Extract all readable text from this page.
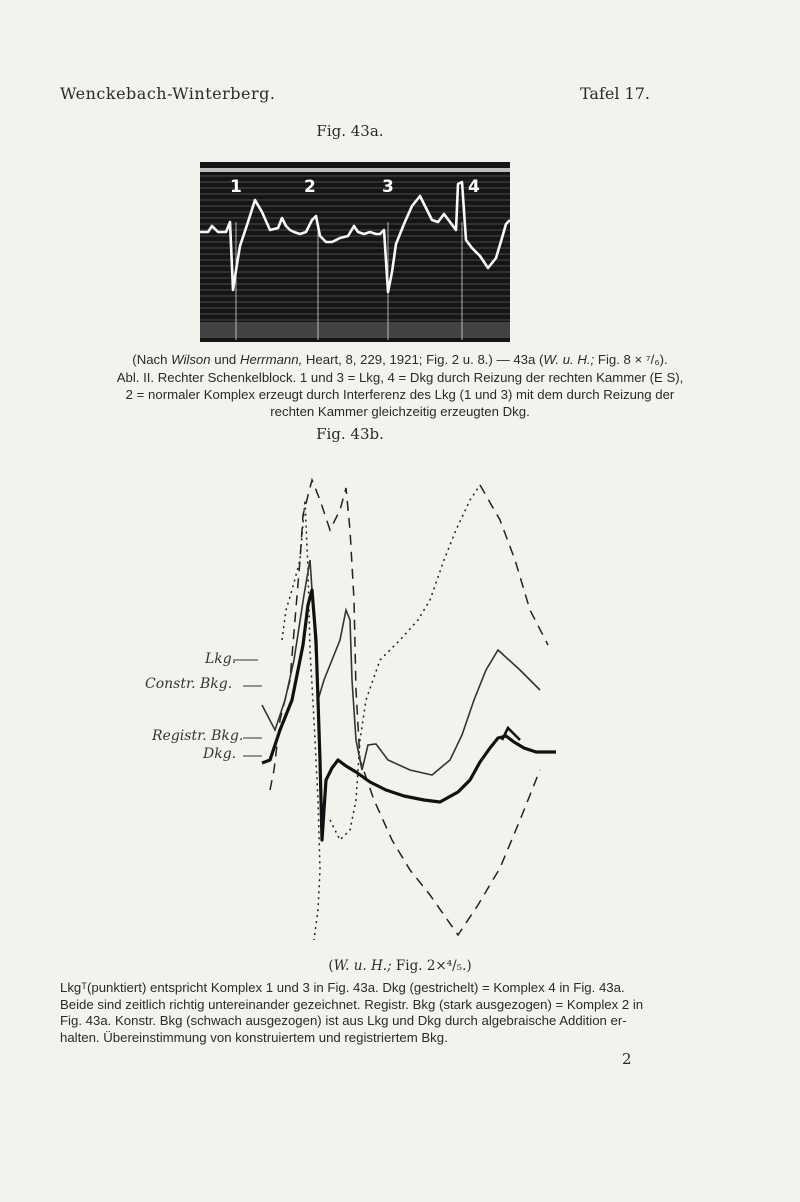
Wenckebach-Winterberg.	Tafel 17.
Fig. 43a.
1	2	3	4
(Nach Wilson und Herrmann, Heart, 8, 229, 1921; Fig. 2 u. 8.) — 43a (W. u. H.; Fig. 8 × ⁷/₆).
Abl. II. Rechter Schenkelblock. 1 und 3 = Lkg, 4 = Dkg durch Reizung der rechten Kammer (E S),
2 = normaler Komplex erzeugt durch Interferenz des Lkg (1 und 3) mit dem durch Reizung der
rechten Kammer gleichzeitig erzeugten Dkg.
Fig. 43b.
Lkg.
Constr. Bkg.
Registr. Bkg.
Dkg.
(W. u. H.; Fig. 2×⁴/₅.)
Lkgᵀ(punktiert) entspricht Komplex 1 und 3 in Fig. 43a. Dkg (gestrichelt) = Komplex 4 in Fig. 43a.
Beide sind zeitlich richtig untereinander gezeichnet. Registr. Bkg (stark ausgezogen) = Komplex 2 in
Fig. 43a. Konstr. Bkg (schwach ausgezogen) ist aus Lkg und Dkg durch algebraische Addition er-
halten. Übereinstimmung von konstruiertem und registriertem Bkg.
2
